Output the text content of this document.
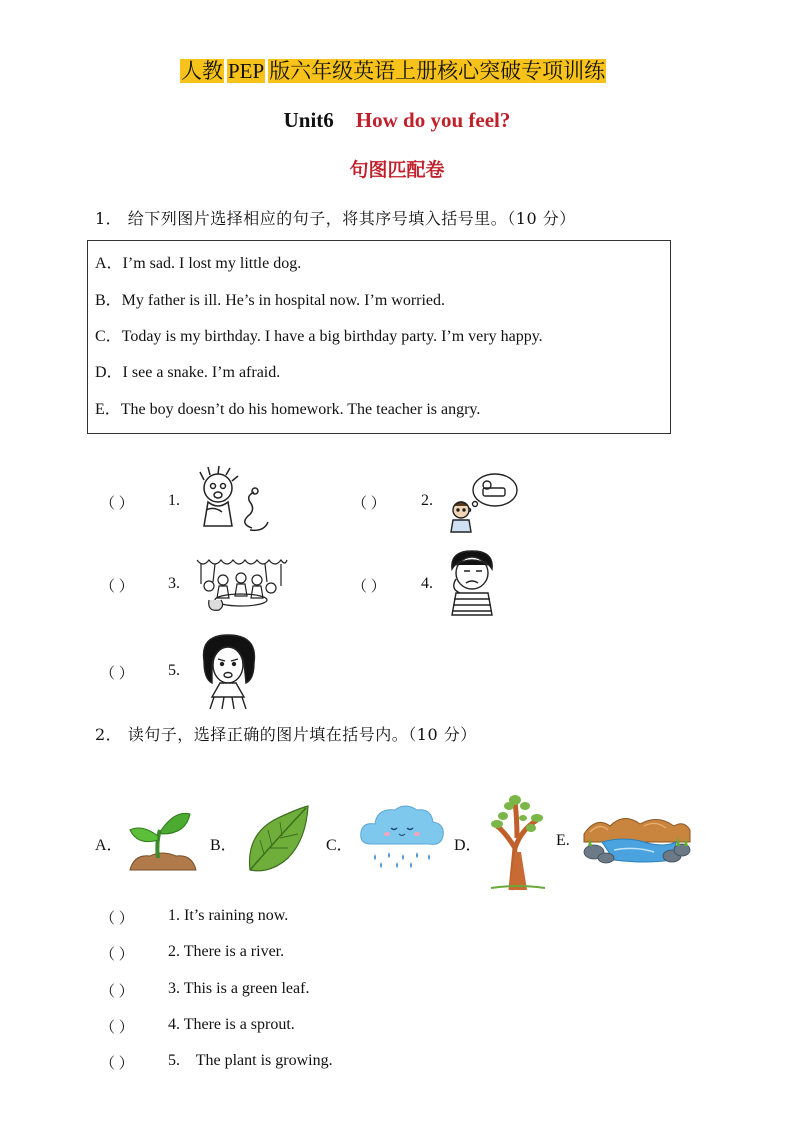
人教 PEP 版六年级英语上册核心突破专项训练
Unit6 How do you feel?
句图匹配卷
1． 给下列图片选择相应的句子，将其序号填入括号里。（10 分）
A．I’m sad. I lost my little dog.
B．My father is ill. He’s in hospital now. I’m worried.
C．Today is my birthday. I have a big birthday party. I’m very happy.
D．I see a snake. I’m afraid.
E．The boy doesn’t do his homework. The teacher is angry.
（ ） 1.	（ ） 2.
（ ） 3.	（ ） 4.
（ ） 5.
2． 读句子，选择正确的图片填在括号内。（10 分）
A．	B．	C．	D．	E.
（ ） 1. It’s raining now.
（ ） 2. There is a river.
（ ） 3. This is a green leaf.
（ ） 4. There is a sprout.
（ ） 5.    The plant is growing.
